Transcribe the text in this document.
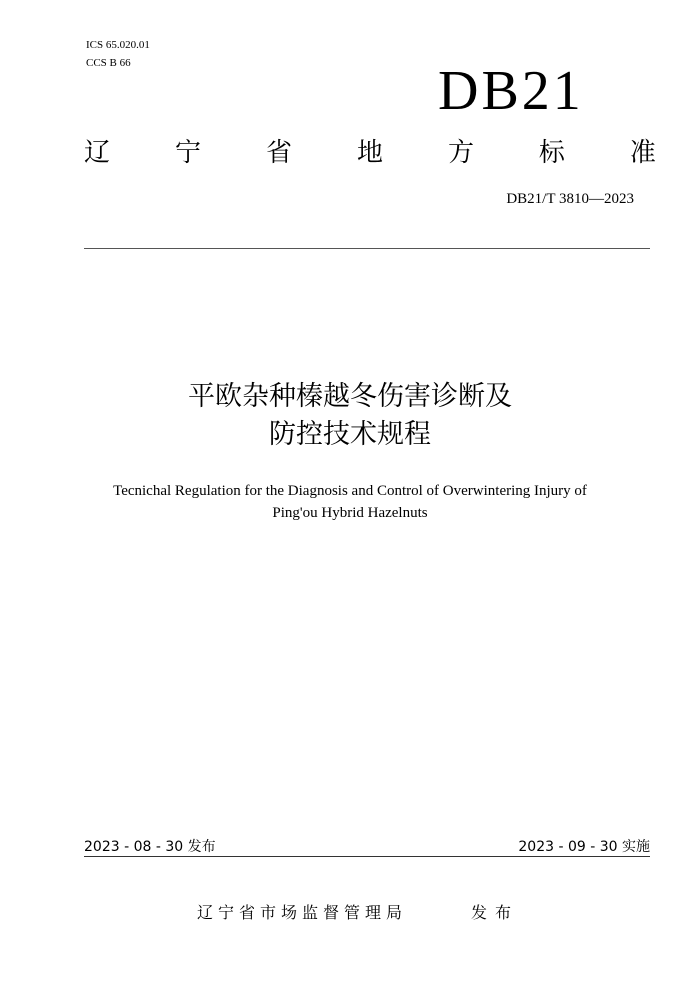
ICS 65.020.01
CCS B 66	DB21
辽 宁 省 地 方 标 准
DB21/T 3810—2023
平欧杂种榛越冬伤害诊断及
防控技术规程
Tecnichal Regulation for the Diagnosis and Control of Overwintering Injury of
Ping'ou Hybrid Hazelnuts
2023 - 08 - 30 发布	2023 - 09 - 30 实施
辽宁省市场监督管理局	发布
